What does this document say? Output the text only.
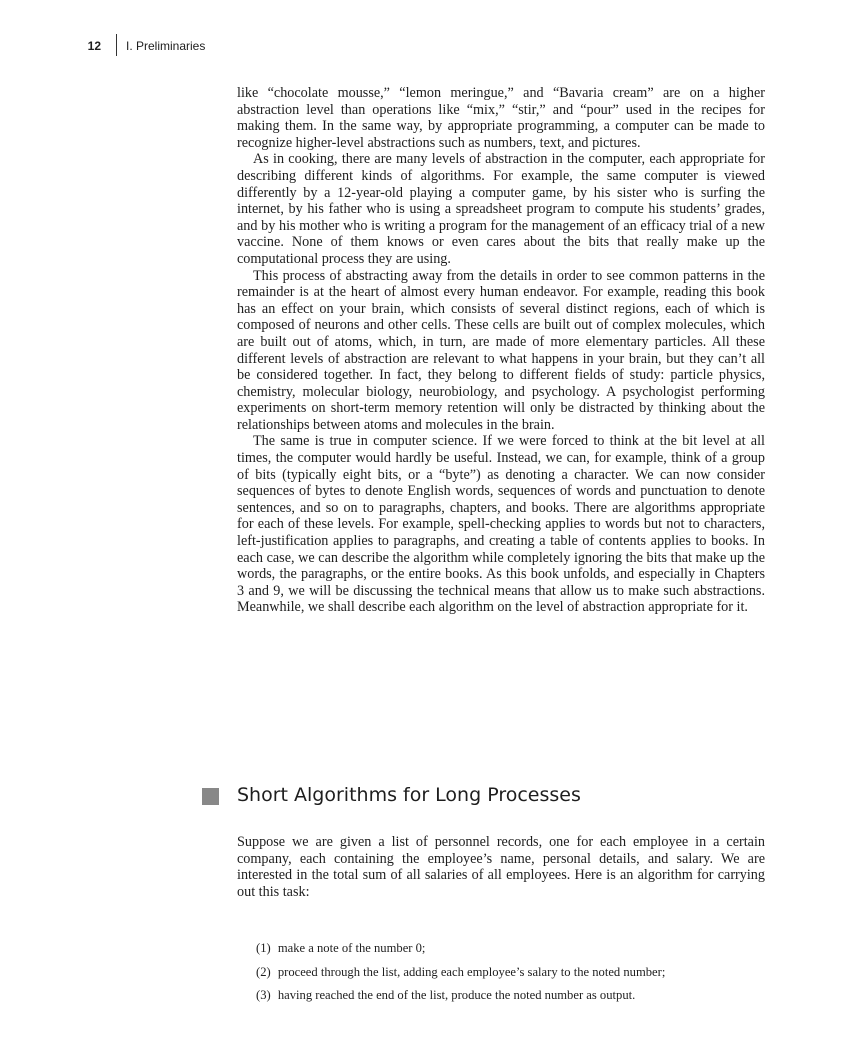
12 I. Preliminaries

like “chocolate mousse,” “lemon meringue,” and “Bavaria cream” are on a higher abstraction level than operations like “mix,” “stir,” and “pour” used in the recipes for making them. In the same way, by appropriate programming, a computer can be made to recognize higher-level abstractions such as numbers, text, and pictures.

As in cooking, there are many levels of abstraction in the computer, each appropriate for describing different kinds of algorithms. For example, the same computer is viewed differently by a 12-year-old playing a computer game, by his sister who is surfing the internet, by his father who is using a spreadsheet program to compute his students’ grades, and by his mother who is writing a program for the management of an efficacy trial of a new vaccine. None of them knows or even cares about the bits that really make up the computational process they are using.

This process of abstracting away from the details in order to see common patterns in the remainder is at the heart of almost every human endeavor. For example, reading this book has an effect on your brain, which consists of several distinct regions, each of which is composed of neurons and other cells. These cells are built out of complex molecules, which are built out of atoms, which, in turn, are made of more elementary particles. All these different levels of abstraction are relevant to what happens in your brain, but they can’t all be considered together. In fact, they belong to different fields of study: particle physics, chemistry, molecular biology, neurobiology, and psychology. A psychologist performing experiments on short-term memory retention will only be distracted by thinking about the relationships between atoms and molecules in the brain.

The same is true in computer science. If we were forced to think at the bit level at all times, the computer would hardly be useful. Instead, we can, for example, think of a group of bits (typically eight bits, or a “byte”) as denoting a character. We can now consider sequences of bytes to denote English words, sequences of words and punctuation to denote sentences, and so on to paragraphs, chapters, and books. There are algorithms appropriate for each of these levels. For example, spell-checking applies to words but not to characters, left-justification applies to paragraphs, and creating a table of contents applies to books. In each case, we can describe the algorithm while completely ignoring the bits that make up the words, the paragraphs, or the entire books. As this book unfolds, and especially in Chapters 3 and 9, we will be discussing the technical means that allow us to make such abstractions. Meanwhile, we shall describe each algorithm on the level of abstraction appropriate for it.

Short Algorithms for Long Processes

Suppose we are given a list of personnel records, one for each employee in a certain company, each containing the employee’s name, personal details, and salary. We are interested in the total sum of all salaries of all employees. Here is an algorithm for carrying out this task:

(1) make a note of the number 0;
(2) proceed through the list, adding each employee’s salary to the noted number;
(3) having reached the end of the list, produce the noted number as output.
